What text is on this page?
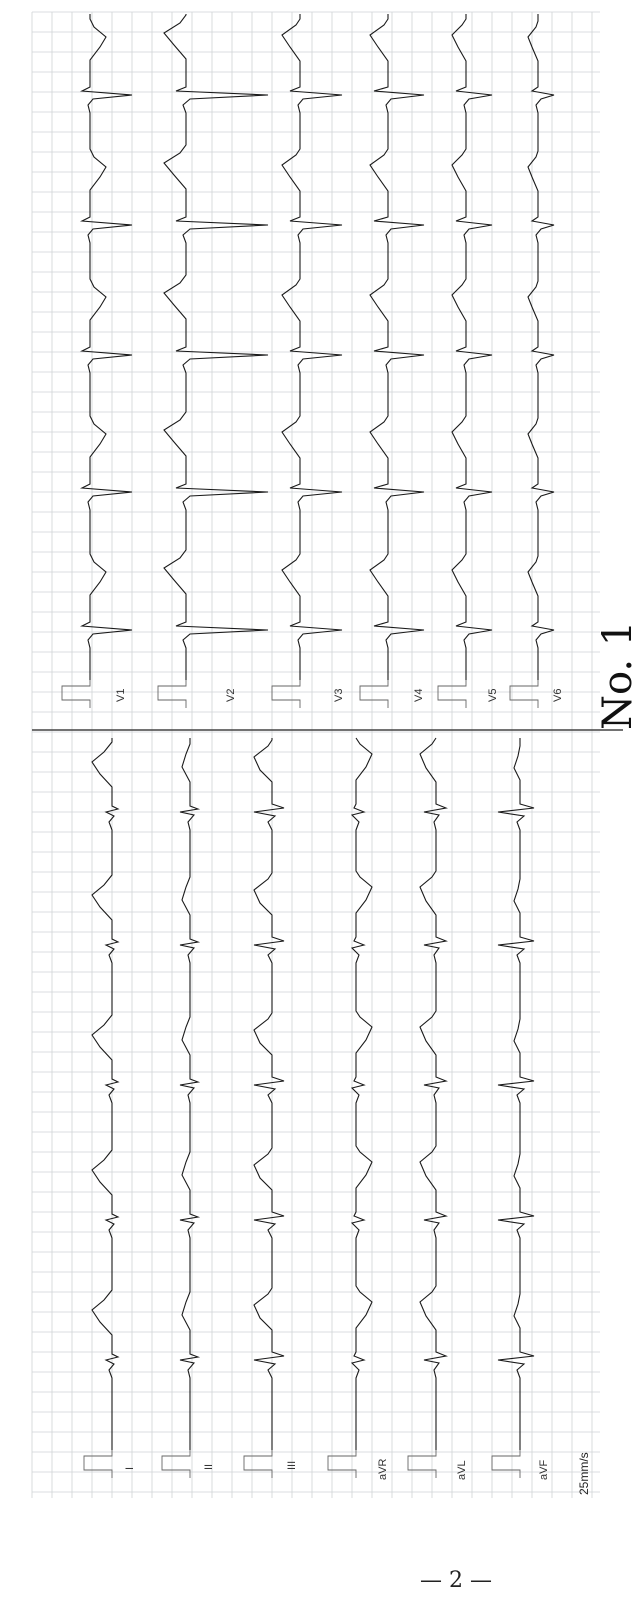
No. 1
I	II	III	aVR	aVL	aVF
V1	V2	V3	V4	V5	V6
25mm/s
— 2 —
